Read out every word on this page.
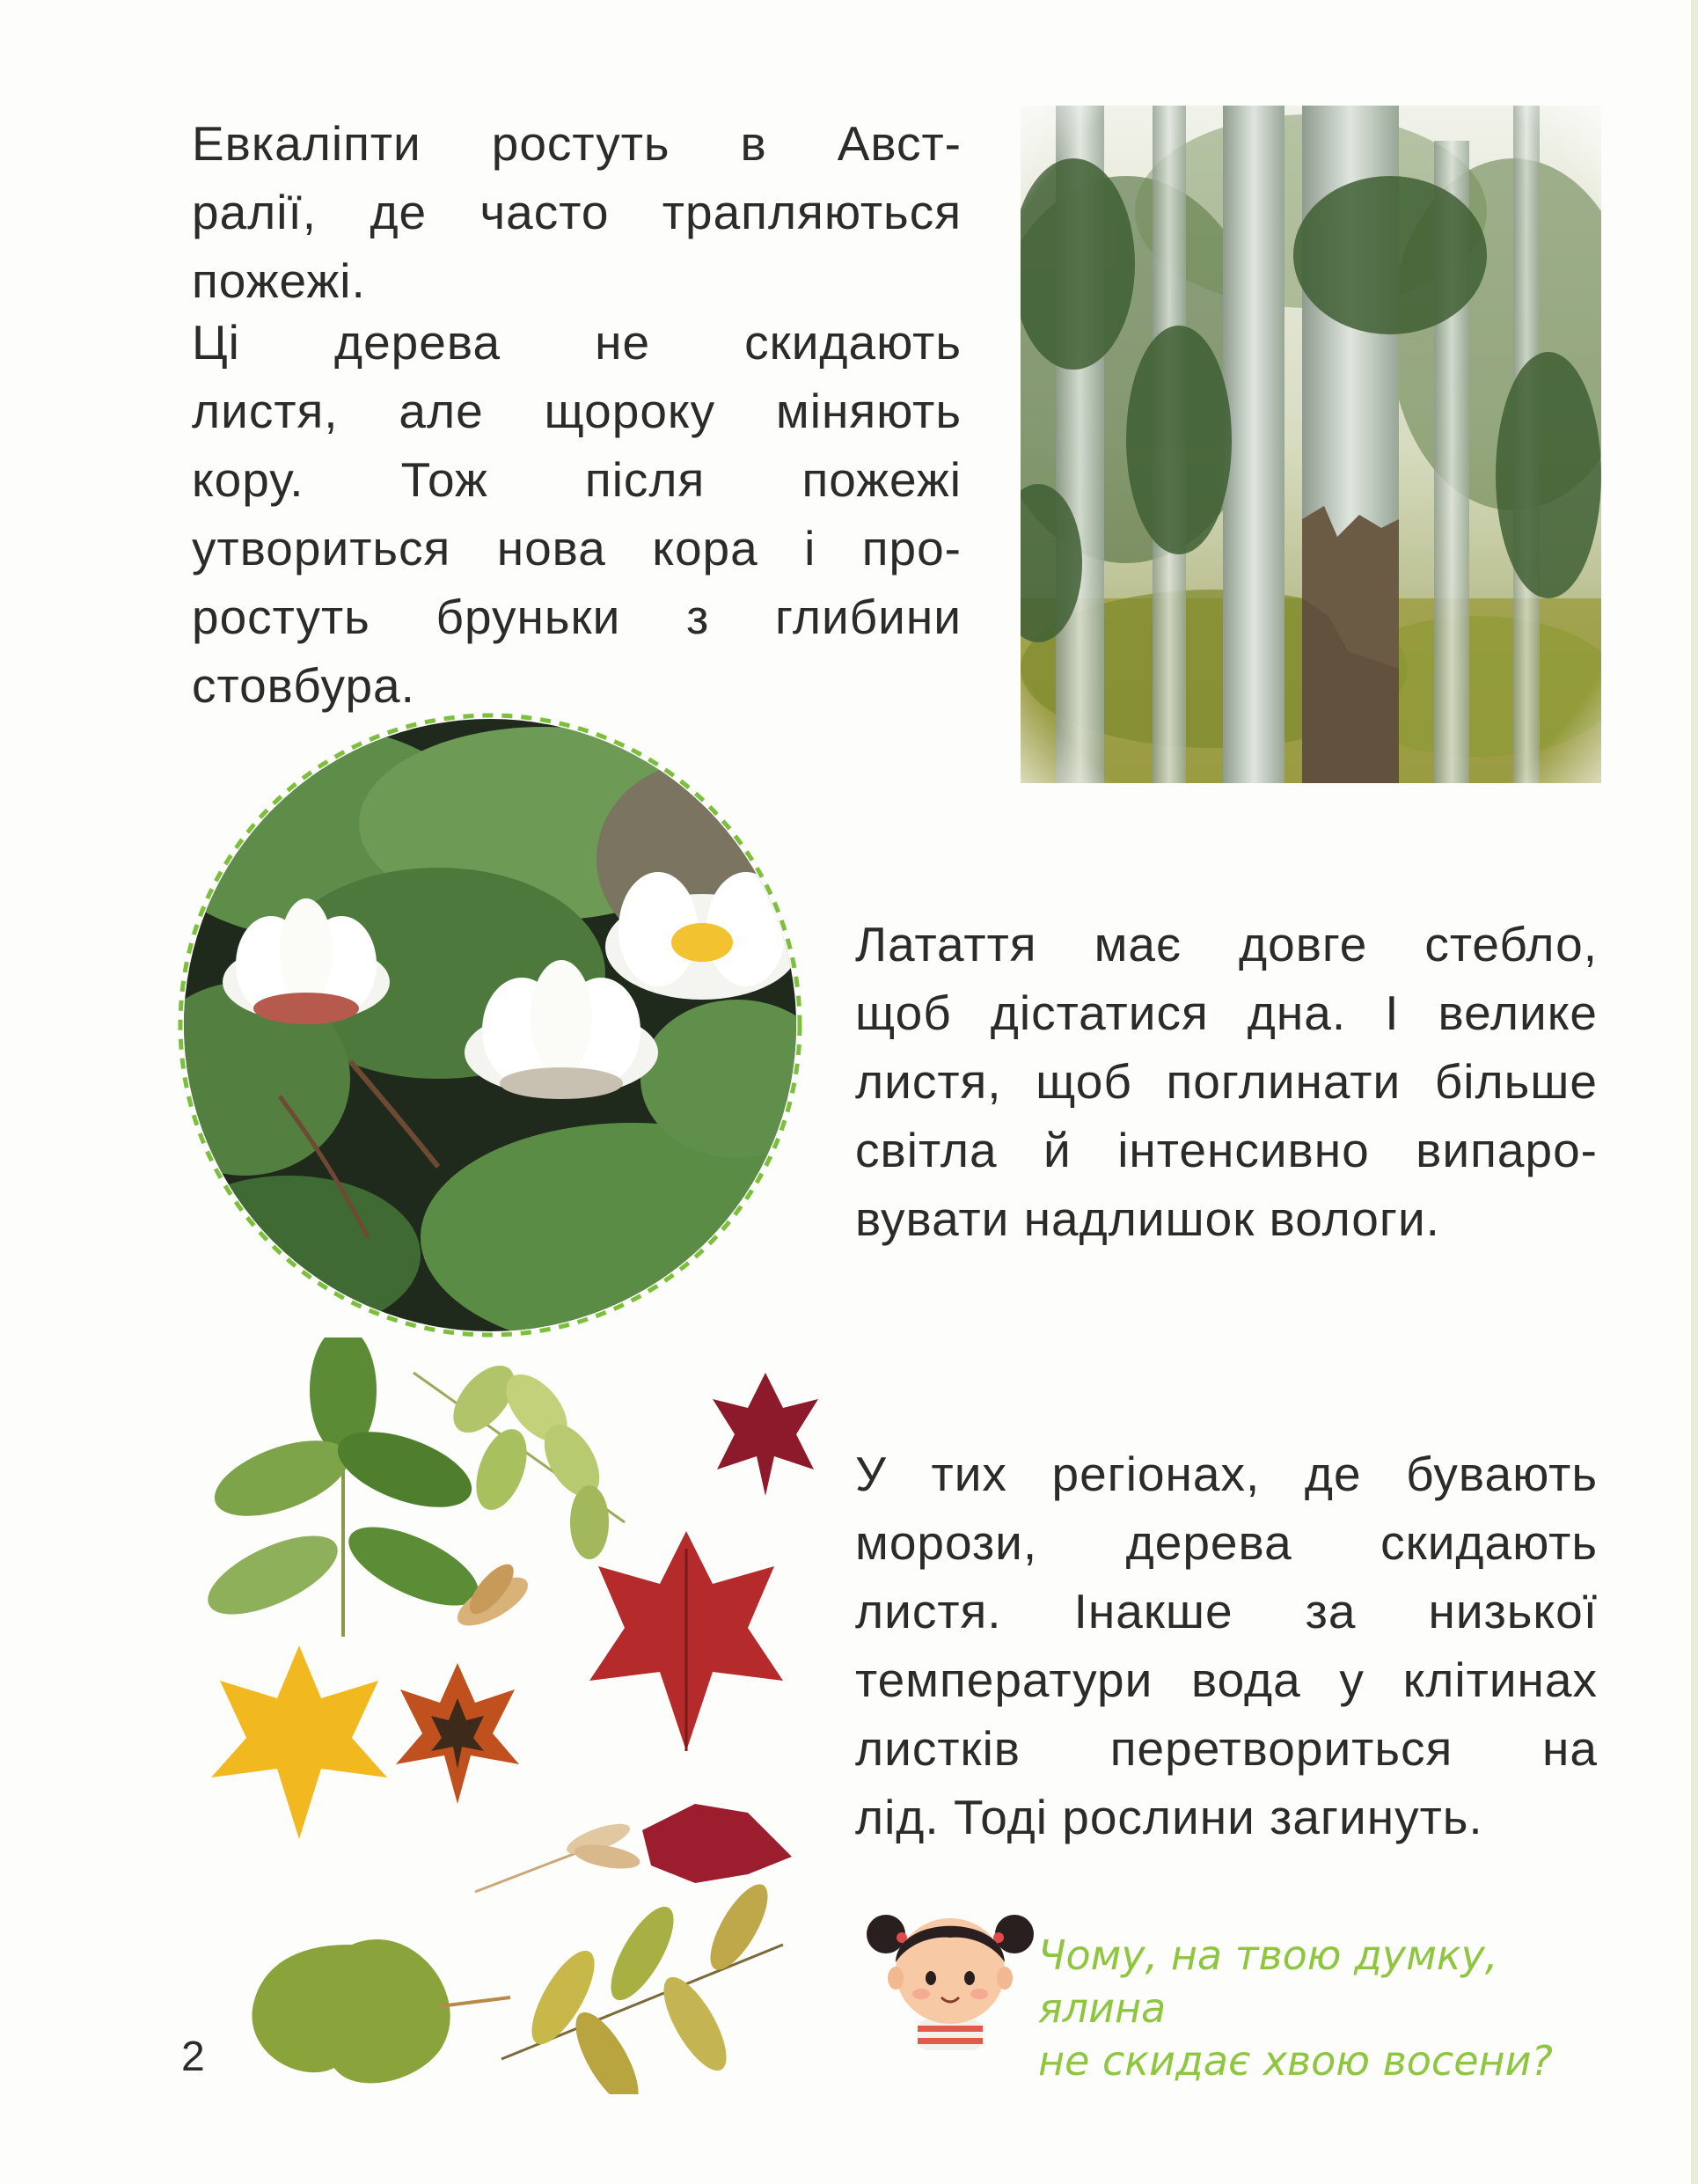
Евкаліпти ростуть в Авст-
ралії, де часто трапляються
пожежі.

Ці дерева не скидають
листя, але щороку міняють
кору. Тож після пожежі
утвориться нова кора і про-
ростуть бруньки з глибини
стовбура.

Латаття має довге стебло,
щоб дістатися дна. І велике
листя, щоб поглинати більше
світла й інтенсивно випаро-
вувати надлишок вологи.

У тих регіонах, де бувають
морози, дерева скидають
листя. Інакше за низької
температури вода у клітинах
листків перетвориться на
лід. Тоді рослини загинуть.

Чому, на твою думку, ялина
не скидає хвою восени?
2
